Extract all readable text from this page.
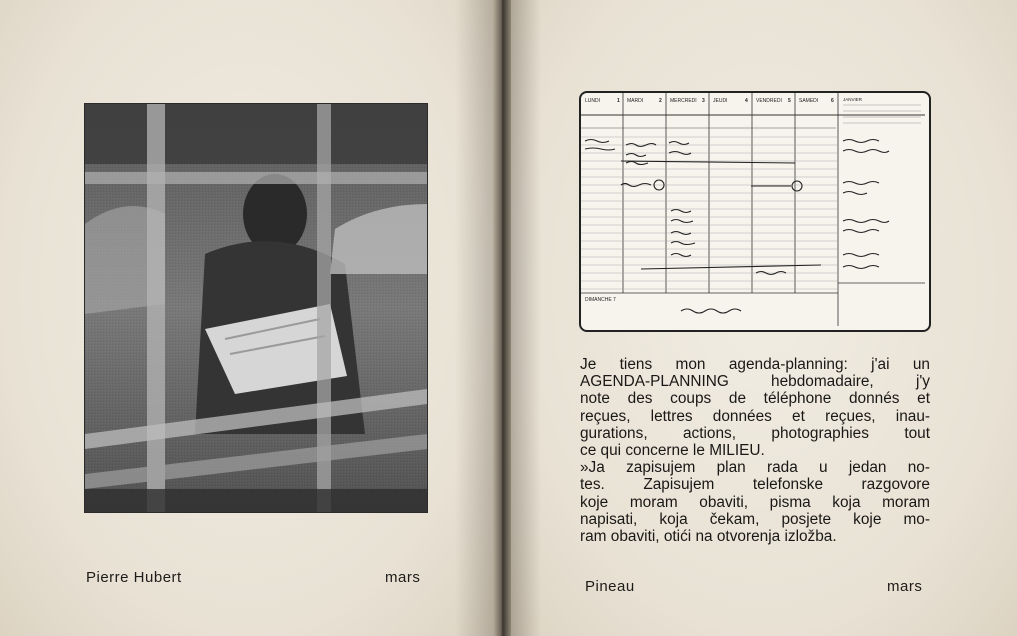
Pierre Hubert	mars
LUNDI	1 MARDI	2 MERCREDI 3 JEUDI	4 VENDREDI 5 SAMEDI	6
DIMANCHE 7
JANVIER
Je tiens mon agenda-planning: j'ai un
AGENDA-PLANNING hebdomadaire, j'y
note des coups de téléphone donnés et
reçues, lettres données et reçues, inau-
gurations, actions, photographies tout
ce qui concerne le MILIEU.
»Ja zapisujem plan rada u jedan no-
tes. Zapisujem telefonske razgovore
koje moram obaviti, pisma koja moram
napisati, koja čekam, posjete koje mo-
ram obaviti, otići na otvorenja izložba.
Pineau	mars
